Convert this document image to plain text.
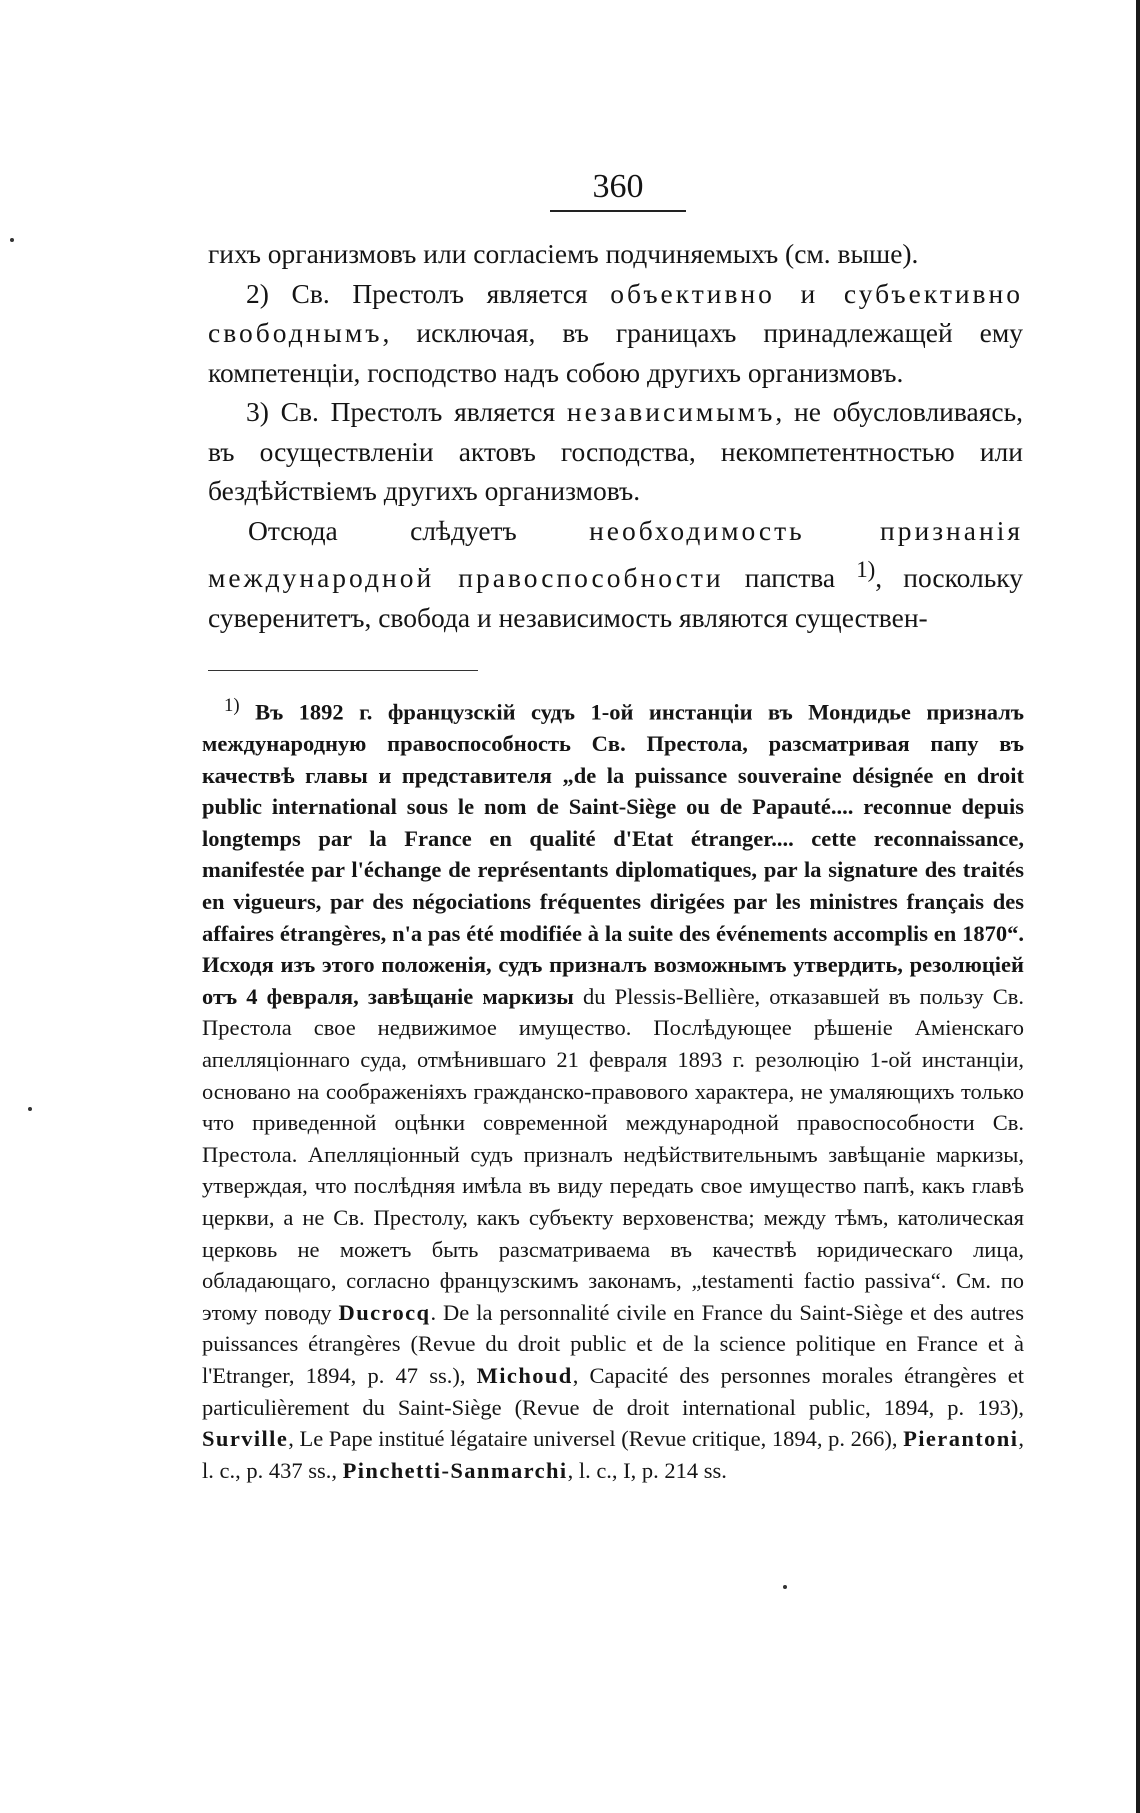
360

гихъ организмовъ или согласіемъ подчиняемыхъ (см. выше).

2) Св. Престолъ является объективно и субъективно свободнымъ, исключая, въ границахъ принадлежащей ему компетенціи, господство надъ собою другихъ организмовъ.

3) Св. Престолъ является независимымъ, не обусловливаясь, въ осуществленіи актовъ господства, некомпетентностью или бездѣйствіемъ другихъ организмовъ.

Отсюда слѣдуетъ необходимость признанія международной правоспособности папства $^{1)}$, поскольку суверенитетъ, свобода и независимость являются существен-

$^{1)}$ Въ 1892 г. французскій судъ 1-ой инстанціи въ Мондидье призналъ международную правоспособность Св. Престола, разсматривая папу въ качествѣ главы и представителя „de la puissance souveraine désignée en droit public international sous le nom de Saint-Siège ou de Papauté.... reconnue depuis longtemps par la France en qualité d'Etat étranger.... cette reconnaissance, manifestée par l'échange de représentants diplomatiques, par la signature des traités en vigueurs, par des négociations fréquentes dirigées par les ministres français des affaires étrangères, n'a pas été modifiée à la suite des événements accomplis en 1870“. Исходя изъ этого положенія, судъ призналъ возможнымъ утвердить, резолюціей отъ 4 февраля, завѣщаніе маркизы du Plessis-Bellière, отказавшей въ пользу Св. Престола свое недвижимое имущество. Послѣдующее рѣшеніе Аміенскаго апелляціоннаго суда, отмѣнившаго 21 февраля 1893 г. резолюцію 1-ой инстанціи, основано на соображеніяхъ гражданско-правового характера, не умаляющихъ только что приведенной оцѣнки современной международной правоспособности Св. Престола. Апелляціонный судъ призналъ недѣйствительнымъ завѣщаніе маркизы, утверждая, что послѣдняя имѣла въ виду передать свое имущество папѣ, какъ главѣ церкви, а не Св. Престолу, какъ субъекту верховенства; между тѣмъ, католическая церковь не можетъ быть разсматриваема въ качествѣ юридическаго лица, обладающаго, согласно французскимъ законамъ, „testamenti factio passiva“. См. по этому поводу Ducrocq. De la personnalité civile en France du Saint-Siège et des autres puissances étrangères (Revue du droit public et de la science politique en France et à l'Etranger, 1894, p. 47 ss.), Michoud, Capacité des personnes morales étrangères et particulièrement du Saint-Siège (Revue de droit international public, 1894, p. 193), Surville, Le Pape institué légataire universel (Revue critique, 1894, p. 266), Pierantoni, l. c., p. 437 ss., Pinchetti-Sanmarchi, l. c., I, p. 214 ss.
